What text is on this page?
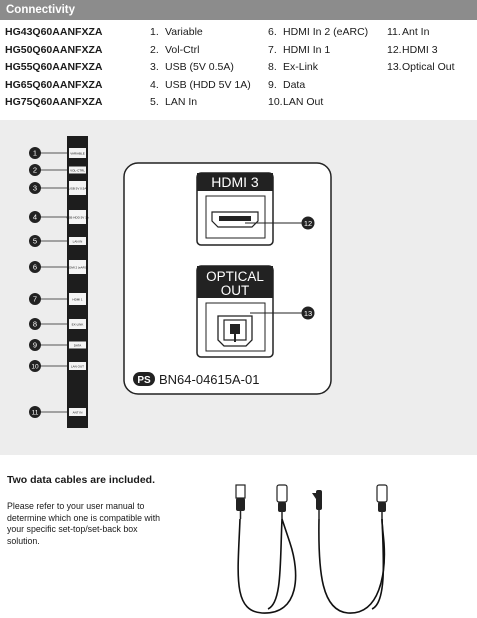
Connectivity
HG43Q60AANFXZA
HG50Q60AANFXZA
HG55Q60AANFXZA
HG65Q60AANFXZA
HG75Q60AANFXZA
1. Variable
2. Vol-Ctrl
3. USB (5V 0.5A)
4. USB (HDD 5V 1A)
5. LAN In
6. HDMI In 2 (eARC)
7. HDMI In 1
8. Ex-Link
9. Data
10.LAN Out
11.Ant In
12.HDMI 3
13.Optical Out
VARIABLE
VOL-CTRL
USB 5V 0.5A
USB HDD 5V 1A
LAN IN
HDMI 2 (eARC)
HDMI 1
EX-LINK
DATA
LAN OUT
ANT IN
1
2
3
4
5
6
7
8
9
10
11
HDMI 3
12
OPTICAL
OUT
13
PS BN64-04615A-01
Two data cables are included.
Please refer to your user manual to determine which one is compatible with your specific set-top/set-back box solution.
